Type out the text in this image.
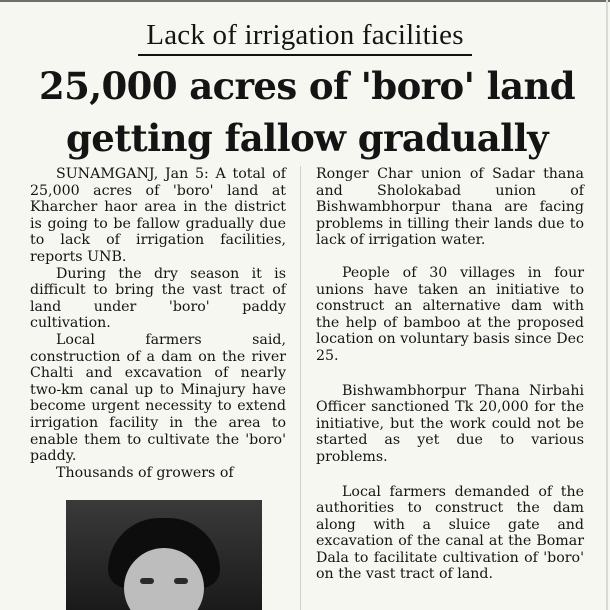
Lack of irrigation facilities
25,000 acres of 'boro' land
getting fallow gradually

SUNAMGANJ, Jan 5: A total of 25,000 acres of 'boro' land at Kharcher haor area in the district is going to be fallow gradually due to lack of irrigation facilities, reports UNB.

During the dry season it is difficult to bring the vast tract of land under 'boro' paddy cultivation.

Local farmers said, construction of a dam on the river Chalti and excavation of nearly two-km canal up to Minajury have become urgent necessity to extend irrigation facility in the area to enable them to cultivate the 'boro' paddy.

Thousands of growers of

Ronger Char union of Sadar thana and Sholokabad union of Bishwambhorpur thana are facing problems in tilling their lands due to lack of irrigation water.

People of 30 villages in four unions have taken an initiative to construct an alternative dam with the help of bamboo at the proposed location on voluntary basis since Dec 25.

Bishwambhorpur Thana Nirbahi Officer sanctioned Tk 20,000 for the initiative, but the work could not be started as yet due to various problems.

Local farmers demanded of the authorities to construct the dam along with a sluice gate and excavation of the canal at the Bomar Dala to facilitate cultivation of 'boro' on the vast tract of land.
